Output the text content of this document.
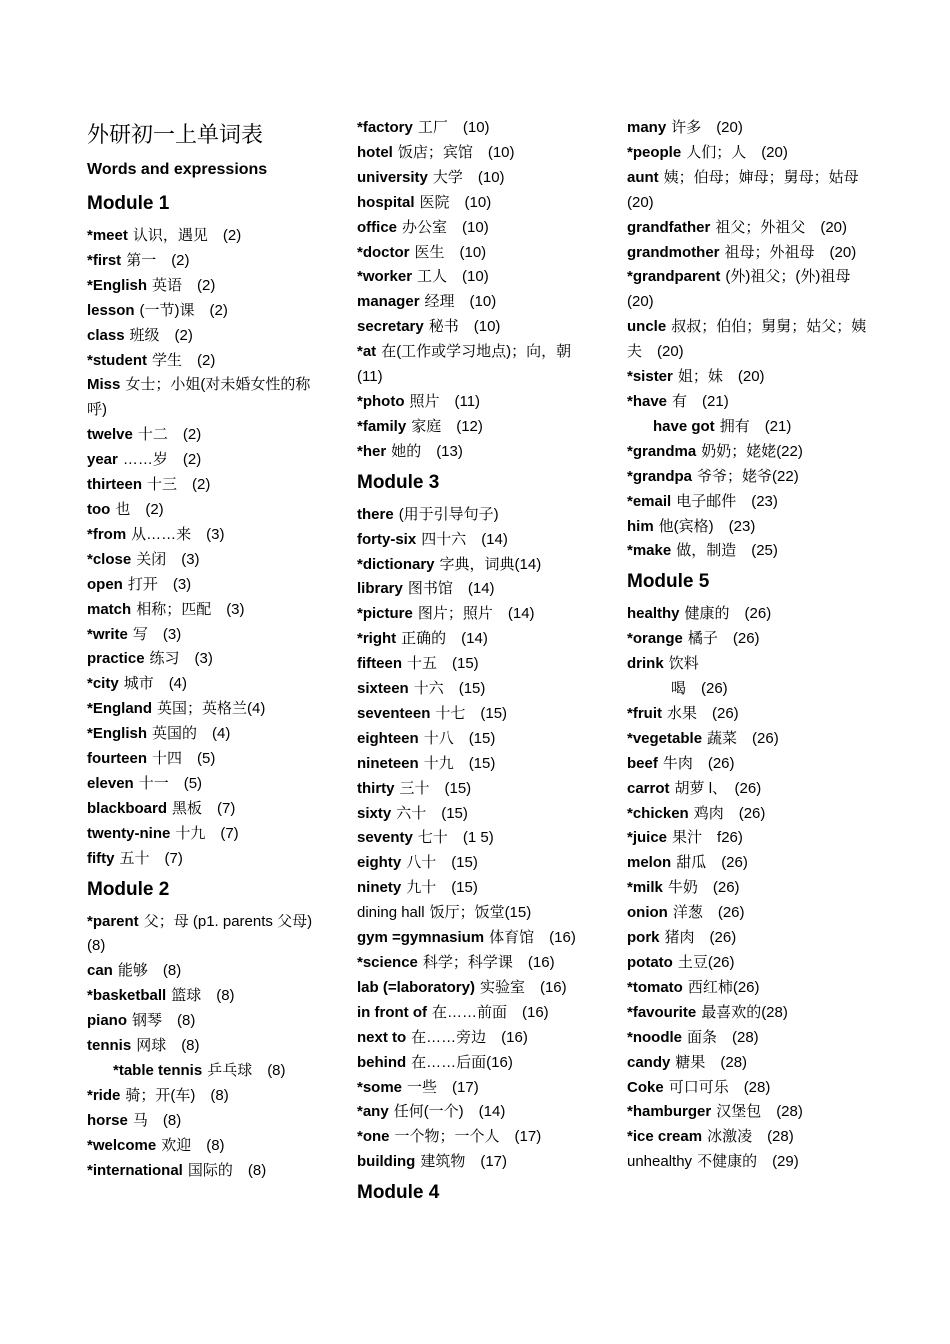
外研初一上单词表
Words and expressions
Module 1
*meet 认识，遇见　(2)
*first 第一　(2)
*English 英语　(2)
lesson (一节)课　(2)
class 班级　(2)
*student 学生　(2)
Miss 女士；小姐(对未婚女性的称呼)
twelve 十二　(2)
year ……岁　(2)
thirteen 十三　(2)
too 也　(2)
*from 从……来　(3)
*close 关闭　(3)
open 打开　(3)
match 相称；匹配　(3)
*write 写　(3)
practice 练习　(3)
*city 城市　(4)
*England 英国；英格兰(4)
*English 英国的　(4)
fourteen 十四　(5)
eleven 十一　(5)
blackboard 黑板　(7)
twenty-nine 十九　(7)
fifty 五十　(7)
Module 2
*parent 父；母 (p1. parents 父母)　(8)
can 能够　(8)
*basketball 篮球　(8)
piano 钢琴　(8)
tennis 网球　(8)
*table tennis 乒乓球　(8)
*ride 骑；开(车)　(8)
horse 马　(8)
*welcome 欢迎　(8)
*international 国际的　(8)
*factory 工厂　(10)
hotel 饭店；宾馆　(10)
university 大学　(10)
hospital 医院　(10)
office 办公室　(10)
*doctor 医生　(10)
*worker 工人　(10)
manager 经理　(10)
secretary 秘书　(10)
*at 在(工作或学习地点)；向，朝　(11)
*photo 照片　(11)
*family 家庭　(12)
*her 她的　(13)
Module 3
there (用于引导句子)
forty-six 四十六　(14)
*dictionary 字典，词典(14)
library 图书馆　(14)
*picture 图片；照片　(14)
*right 正确的　(14)
fifteen 十五　(15)
sixteen 十六　(15)
seventeen 十七　(15)
eighteen 十八　(15)
nineteen 十九　(15)
thirty 三十　(15)
sixty 六十　(15)
seventy 七十　(1 5)
eighty 八十　(15)
ninety 九十　(15)
dining hall 饭厅；饭堂(15)
gym =gymnasium 体育馆　(16)
*science 科学；科学课　(16)
lab (=laboratory) 实验室　(16)
in front of 在……前面　(16)
next to 在……旁边　(16)
behind 在……后面(16)
*some 一些　(17)
*any 任何(一个)　(14)
*one 一个物；一个人　(17)
building 建筑物　(17)
Module 4
many 许多　(20)
*people 人们；人　(20)
aunt 姨；伯母；婶母；舅母；姑母　(20)
grandfather 祖父；外祖父　(20)
grandmother 祖母；外祖母　(20)
*grandparent (外)祖父；(外)祖母　(20)
uncle 叔叔；伯伯；舅舅；姑父；姨夫　(20)
*sister 姐；妹　(20)
*have 有　(21)
have got 拥有　(21)
*grandma 奶奶；姥姥(22)
*grandpa 爷爷；姥爷(22)
*email 电子邮件　(23)
him 他(宾格)　(23)
*make 做，制造　(25)
Module 5
healthy 健康的　(26)
*orange 橘子　(26)
drink 饮料
喝　(26)
*fruit 水果　(26)
*vegetable 蔬菜　(26)
beef 牛肉　(26)
carrot 胡萝 l、　(26)
*chicken 鸡肉　(26)
*juice 果汁　f26)
melon 甜瓜　(26)
*milk 牛奶　(26)
onion 洋葱　(26)
pork 猪肉　(26)
potato 土豆(26)
*tomato 西红柿(26)
*favourite 最喜欢的(28)
*noodle 面条　(28)
candy 糖果　(28)
Coke 可口可乐　(28)
*hamburger 汉堡包　(28)
*ice cream 冰激凌　(28)
unhealthy 不健康的　(29)
